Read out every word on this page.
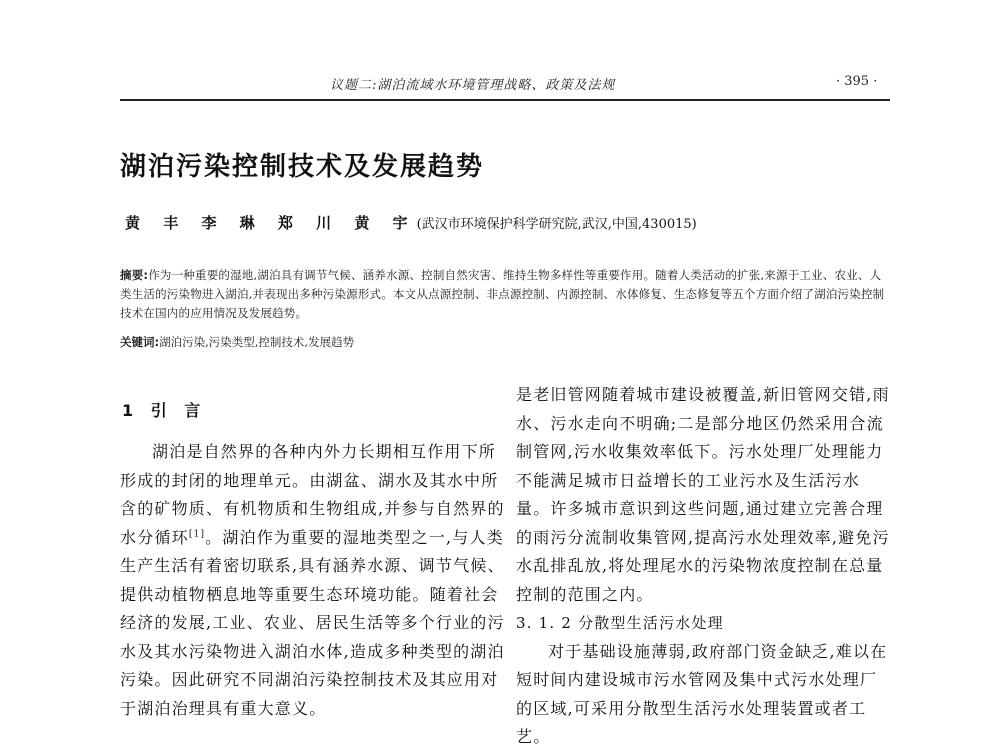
议题二:湖泊流域水环境管理战略、政策及法规	· 395 ·
湖泊污染控制技术及发展趋势
黄 丰 李 琳 郑 川 黄 宇(武汉市环境保护科学研究院,武汉,中国,430015)
摘要:作为一种重要的湿地,湖泊具有调节气候、涵养水源、控制自然灾害、维持生物多样性等重要作用。随着人类活动的扩张,来源于工业、农业、人类生活的污染物进入湖泊,并表现出多种污染源形式。本文从点源控制、非点源控制、内源控制、水体修复、生态修复等五个方面介绍了湖泊污染控制技术在国内的应用情况及发展趋势。
关键词:湖泊污染,污染类型,控制技术,发展趋势
1 引 言

湖泊是自然界的各种内外力长期相互作用下所形成的封闭的地理单元。由湖盆、湖水及其水中所含的矿物质、有机物质和生物组成,并参与自然界的水分循环[1]。湖泊作为重要的湿地类型之一,与人类生产生活有着密切联系,具有涵养水源、调节气候、提供动植物栖息地等重要生态环境功能。随着社会经济的发展,工业、农业、居民生活等多个行业的污水及其水污染物进入湖泊水体,造成多种类型的湖泊污染。因此研究不同湖泊污染控制技术及其应用对于湖泊治理具有重大意义。

是老旧管网随着城市建设被覆盖,新旧管网交错,雨水、污水走向不明确;二是部分地区仍然采用合流制管网,污水收集效率低下。污水处理厂处理能力不能满足城市日益增长的工业污水及生活污水量。许多城市意识到这些问题,通过建立完善合理的雨污分流制收集管网,提高污水处理效率,避免污水乱排乱放,将处理尾水的污染物浓度控制在总量控制的范围之内。

3. 1. 2 分散型生活污水处理

对于基础设施薄弱,政府部门资金缺乏,难以在短时间内建设城市污水管网及集中式污水处理厂的区域,可采用分散型生活污水处理装置或者工艺。
